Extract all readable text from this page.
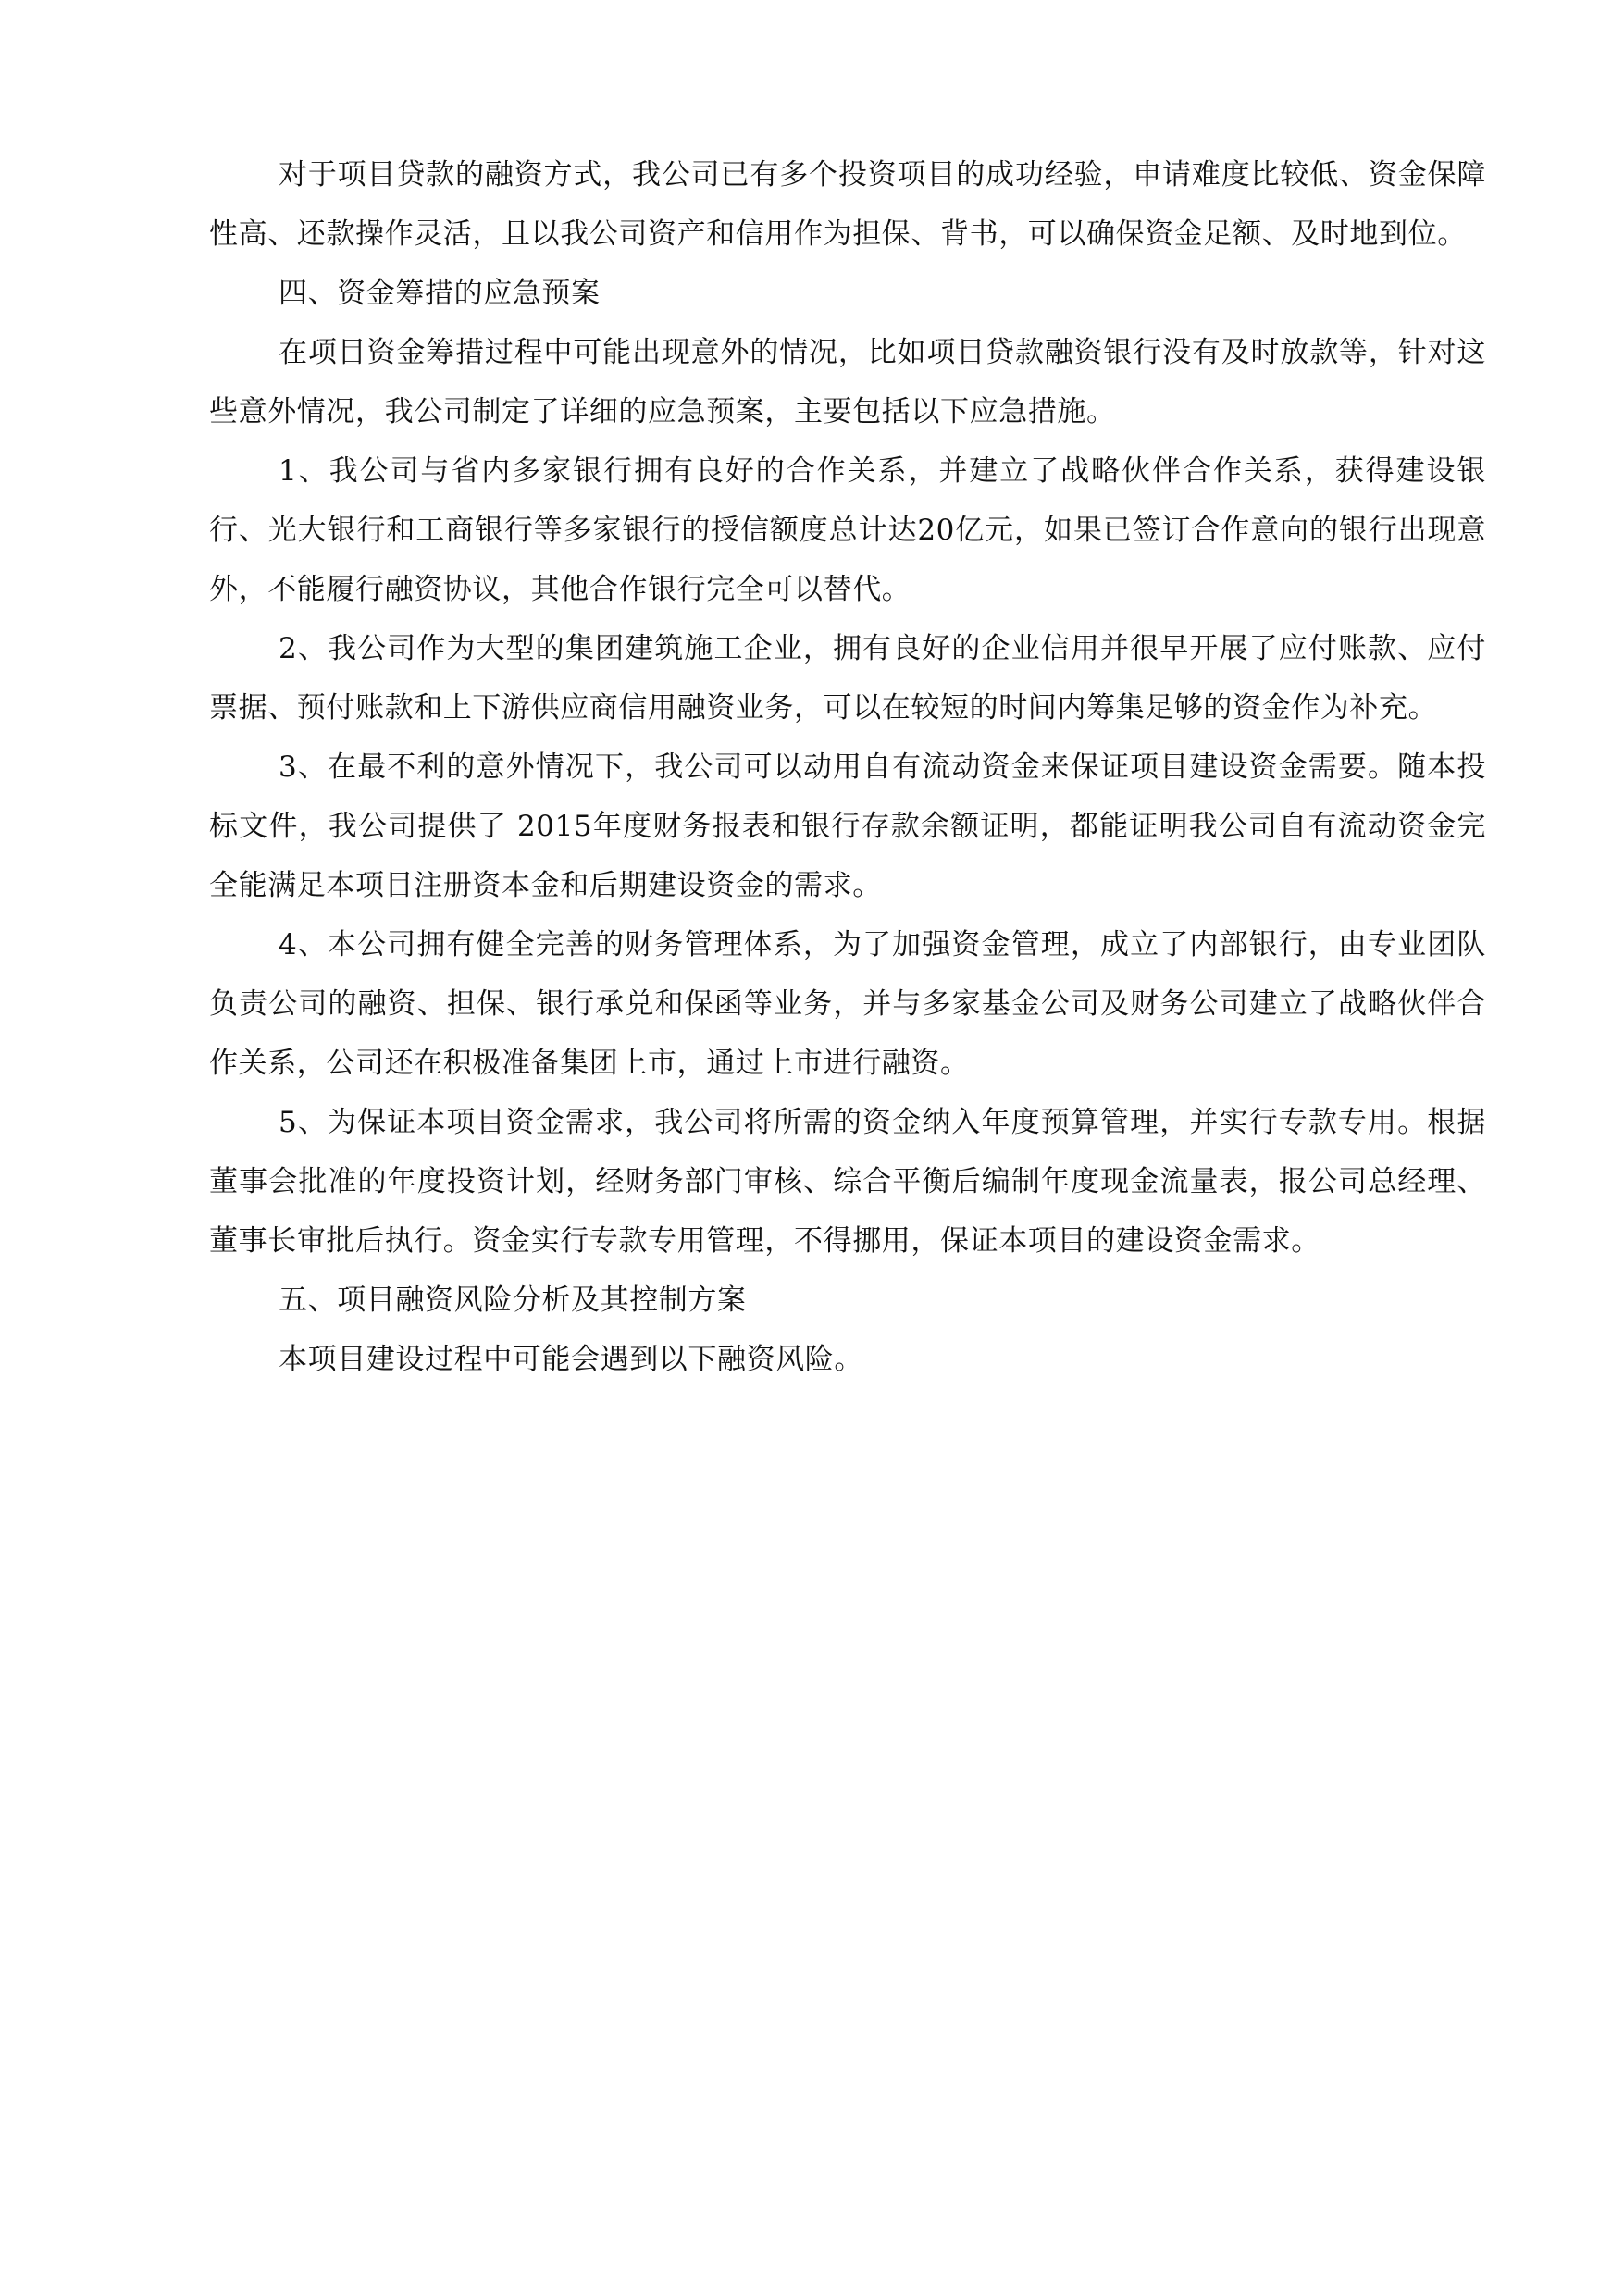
对于项目贷款的融资方式，我公司已有多个投资项目的成功经验，申请难度比较低、资金保障性高、还款操作灵活，且以我公司资产和信用作为担保、背书，可以确保资金足额、及时地到位。

四、资金筹措的应急预案

在项目资金筹措过程中可能出现意外的情况，比如项目贷款融资银行没有及时放款等，针对这些意外情况，我公司制定了详细的应急预案，主要包括以下应急措施。

1、我公司与省内多家银行拥有良好的合作关系，并建立了战略伙伴合作关系，获得建设银行、光大银行和工商银行等多家银行的授信额度总计达20亿元，如果已签订合作意向的银行出现意外，不能履行融资协议，其他合作银行完全可以替代。

2、我公司作为大型的集团建筑施工企业，拥有良好的企业信用并很早开展了应付账款、应付票据、预付账款和上下游供应商信用融资业务，可以在较短的时间内筹集足够的资金作为补充。

3、在最不利的意外情况下，我公司可以动用自有流动资金来保证项目建设资金需要。随本投标文件，我公司提供了 2015年度财务报表和银行存款余额证明，都能证明我公司自有流动资金完全能满足本项目注册资本金和后期建设资金的需求。

4、本公司拥有健全完善的财务管理体系，为了加强资金管理，成立了内部银行，由专业团队负责公司的融资、担保、银行承兑和保函等业务，并与多家基金公司及财务公司建立了战略伙伴合作关系，公司还在积极准备集团上市，通过上市进行融资。

5、为保证本项目资金需求，我公司将所需的资金纳入年度预算管理，并实行专款专用。根据董事会批准的年度投资计划，经财务部门审核、综合平衡后编制年度现金流量表，报公司总经理、董事长审批后执行。资金实行专款专用管理，不得挪用，保证本项目的建设资金需求。

五、项目融资风险分析及其控制方案

本项目建设过程中可能会遇到以下融资风险。
